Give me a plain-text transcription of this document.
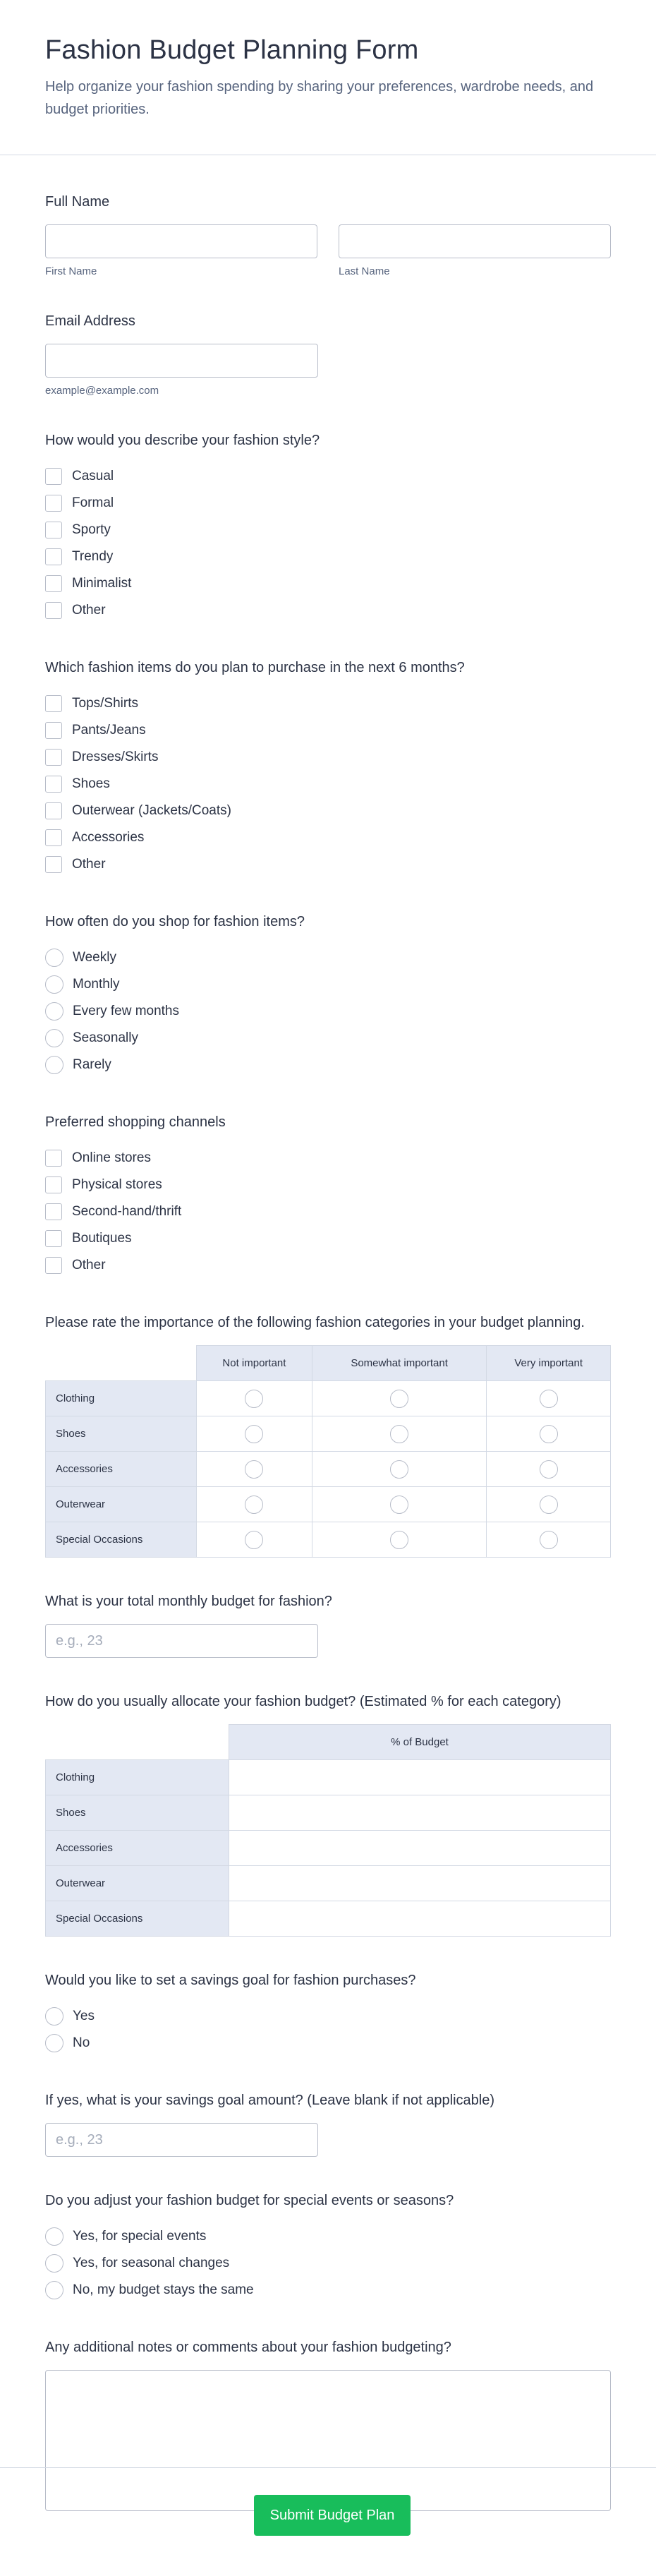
Fashion Budget Planning Form

Help organize your fashion spending by sharing your preferences, wardrobe needs, and budget priorities.

Full Name
First Name	Last Name
Email Address
example@example.com
How would you describe your fashion style?
Casual
Formal
Sporty
Trendy
Minimalist
Other
Which fashion items do you plan to purchase in the next 6 months?
Tops/Shirts
Pants/Jeans
Dresses/Skirts
Shoes
Outerwear (Jackets/Coats)
Accessories
Other
How often do you shop for fashion items?
Weekly
Monthly
Every few months
Seasonally
Rarely
Preferred shopping channels
Online stores
Physical stores
Second-hand/thrift
Boutiques
Other
Please rate the importance of the following fashion categories in your budget planning.
	Not important	Somewhat important	Very important
Clothing			
Shoes			
Accessories			
Outerwear			
Special Occasions			
What is your total monthly budget for fashion?
e.g., 23
How do you usually allocate your fashion budget? (Estimated % for each category)
	% of Budget
Clothing	
Shoes	
Accessories	
Outerwear	
Special Occasions	
Would you like to set a savings goal for fashion purchases?
Yes
No
If yes, what is your savings goal amount? (Leave blank if not applicable)
e.g., 23
Do you adjust your fashion budget for special events or seasons?
Yes, for special events
Yes, for seasonal changes
No, my budget stays the same
Any additional notes or comments about your fashion budgeting?
Submit Budget Plan
